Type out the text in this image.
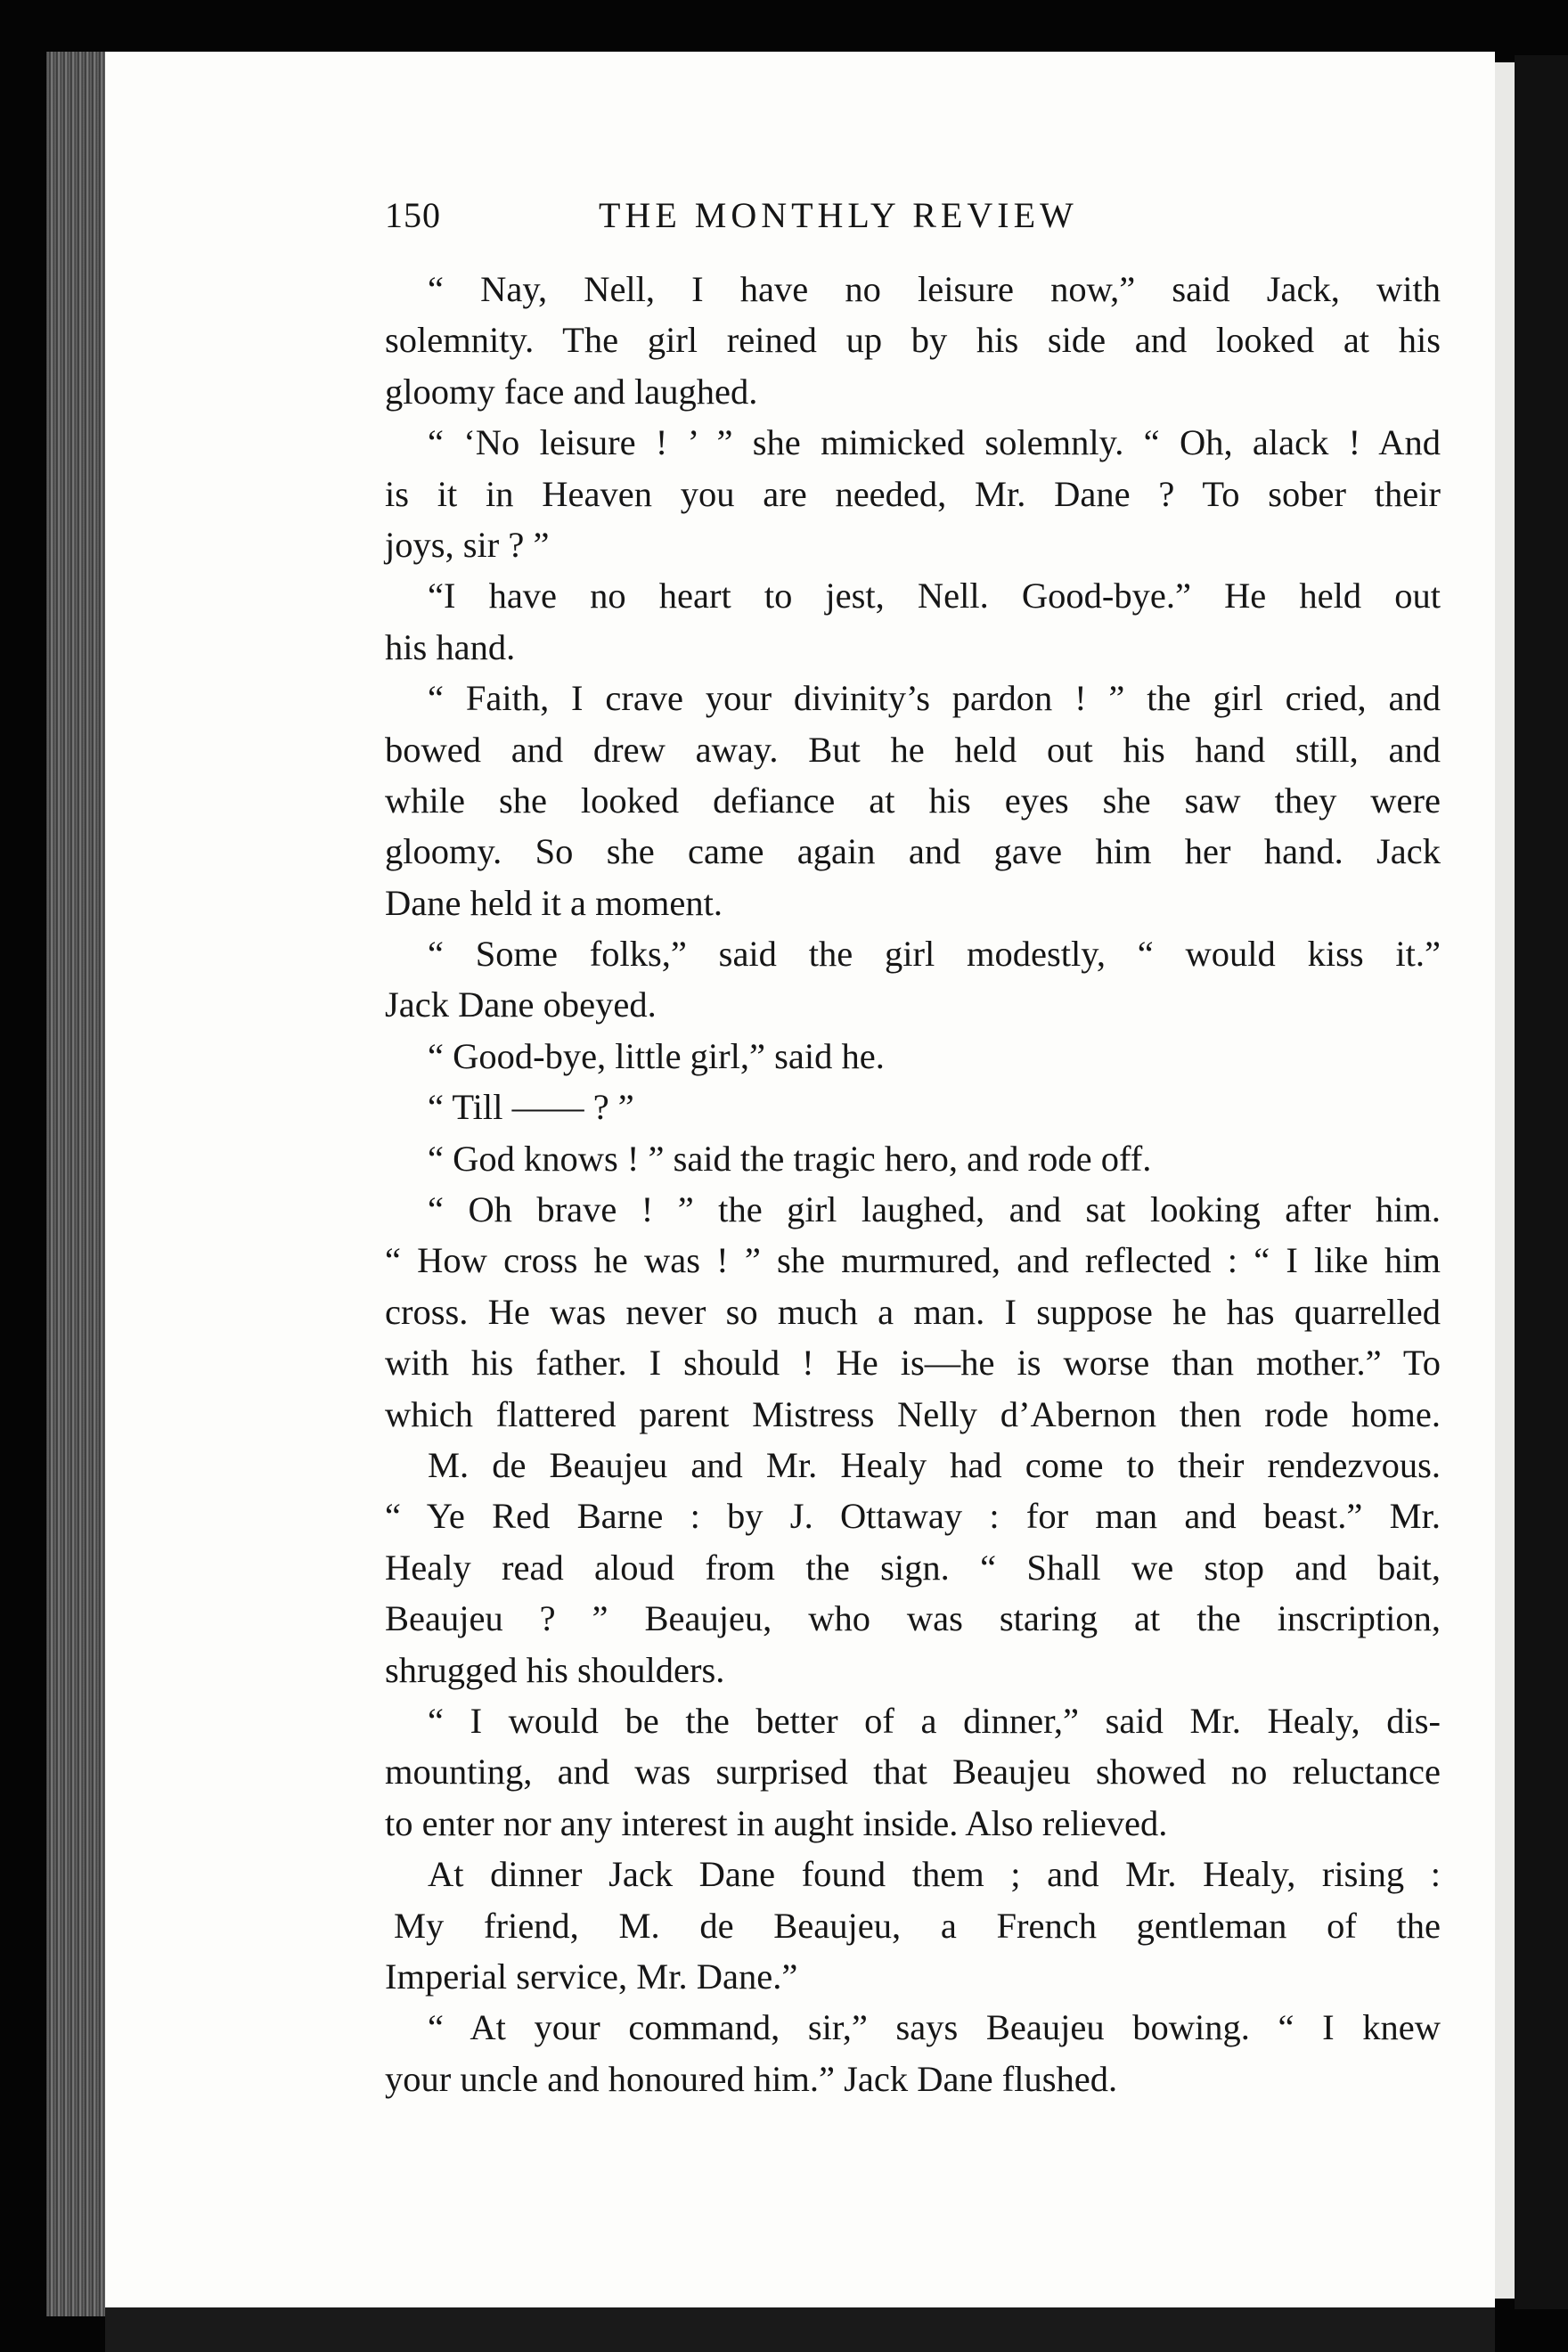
150	THE MONTHLY REVIEW
“ Nay, Nell, I have no leisure now,” said Jack, with
solemnity. The girl reined up by his side and looked at his
gloomy face and laughed.
“ ‘No leisure ! ’ ” she mimicked solemnly. “ Oh, alack ! And
is it in Heaven you are needed, Mr. Dane ? To sober their
joys, sir ? ”
“I have no heart to jest, Nell. Good-bye.” He held out
his hand.
“ Faith, I crave your divinity’s pardon ! ” the girl cried, and
bowed and drew away. But he held out his hand still, and
while she looked defiance at his eyes she saw they were
gloomy. So she came again and gave him her hand. Jack
Dane held it a moment.
“ Some folks,” said the girl modestly, “ would kiss it.”
Jack Dane obeyed.
“ Good-bye, little girl,” said he.
“ Till —— ? ”
“ God knows ! ” said the tragic hero, and rode off.
“ Oh brave ! ” the girl laughed, and sat looking after him.
“ How cross he was ! ” she murmured, and reflected : “ I like him
cross. He was never so much a man. I suppose he has quarrelled
with his father. I should ! He is—he is worse than mother.” To
which flattered parent Mistress Nelly d’Abernon then rode home.
M. de Beaujeu and Mr. Healy had come to their rendezvous.
“ Ye Red Barne : by J. Ottaway : for man and beast.” Mr.
Healy read aloud from the sign. “ Shall we stop and bait,
Beaujeu ? ” Beaujeu, who was staring at the inscription,
shrugged his shoulders.
“ I would be the better of a dinner,” said Mr. Healy, dis-
mounting, and was surprised that Beaujeu showed no reluctance
to enter nor any interest in aught inside. Also relieved.
At dinner Jack Dane found them ; and Mr. Healy, rising :
My friend, M. de Beaujeu, a French gentleman of the
Imperial service, Mr. Dane.”
“ At your command, sir,” says Beaujeu bowing. “ I knew
your uncle and honoured him.” Jack Dane flushed.
